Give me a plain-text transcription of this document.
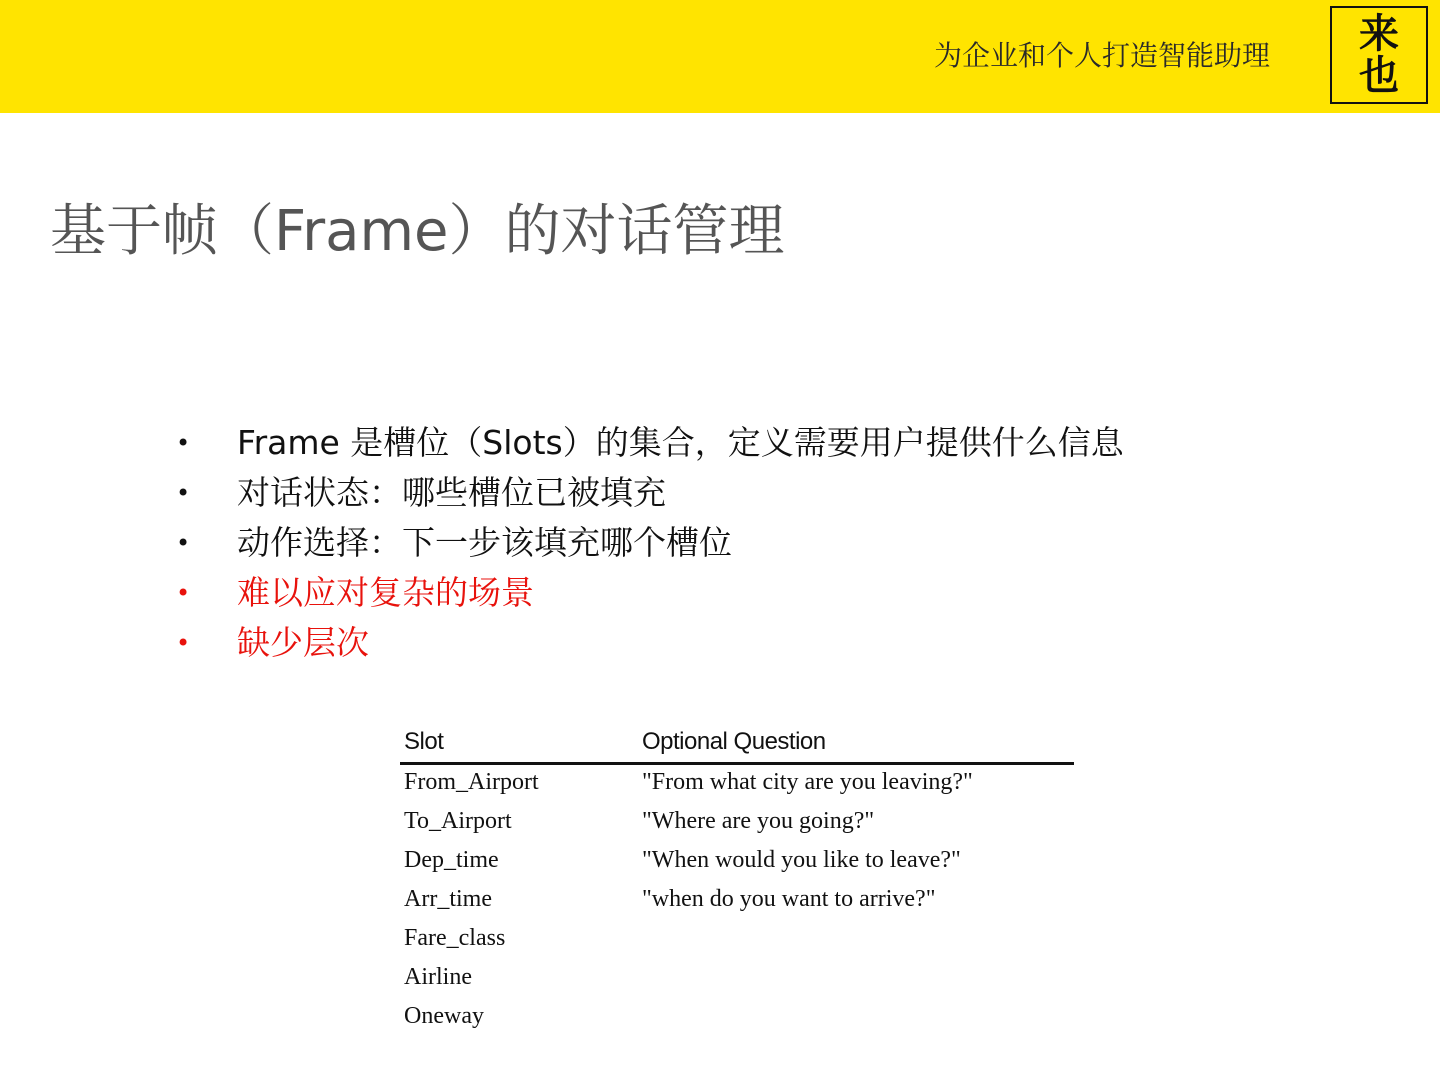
为企业和个人打造智能助理 来
也
基于帧（Frame）的对话管理
• Frame 是槽位（Slots）的集合，定义需要用户提供什么信息
• 对话状态：哪些槽位已被填充
• 动作选择：下一步该填充哪个槽位
• 难以应对复杂的场景
• 缺少层次
Slot	Optional Question
From_Airport	"From what city are you leaving?"
To_Airport	"Where are you going?"
Dep_time	"When would you like to leave?"
Arr_time	"when do you want to arrive?"
Fare_class
Airline
Oneway
